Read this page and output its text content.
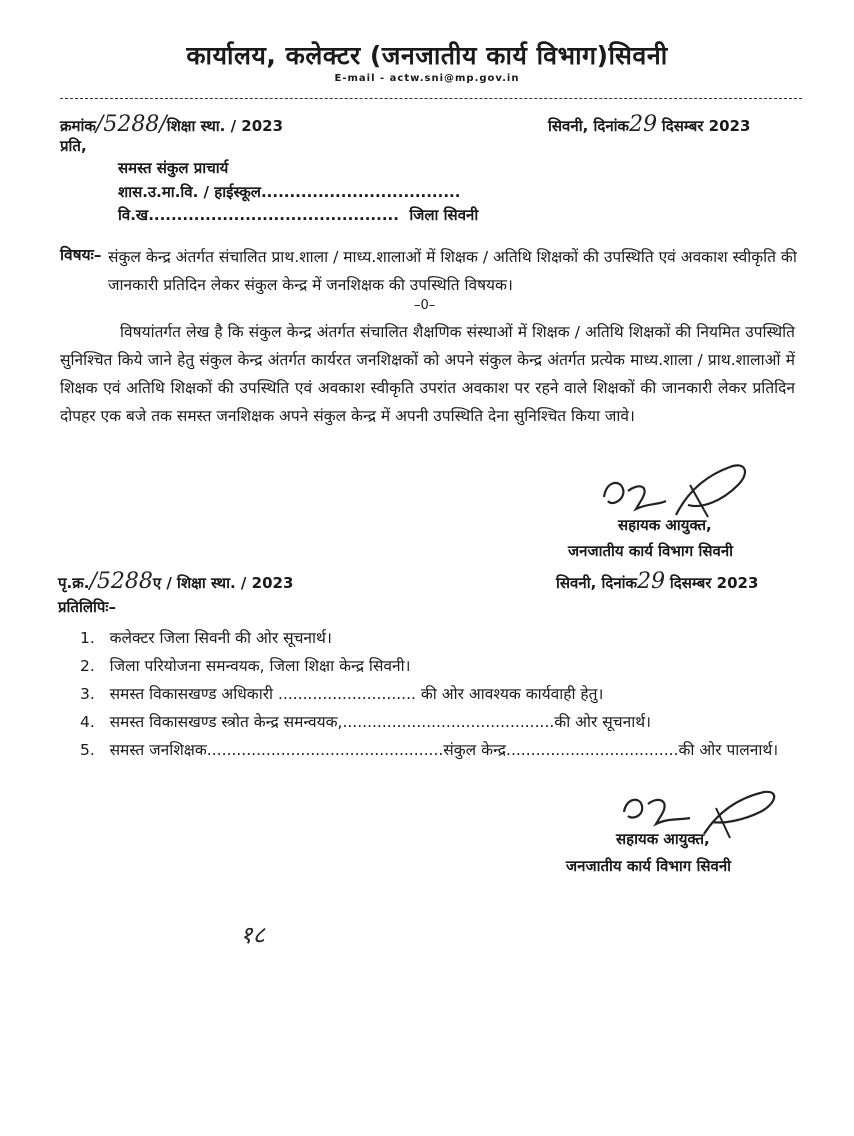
कार्यालय, कलेक्टर (जनजातीय कार्य विभाग)सिवनी
E-mail - actw.sni@mp.gov.in
क्रमांक/5288/शिक्षा स्था. / 2023	सिवनी, दिनांक29 दिसम्बर 2023
प्रति,
समस्त संकुल प्राचार्य
शास.उ.मा.वि. / हाईस्कूल...................................
वि.ख............................................ जिला सिवनी
विषयः– संकुल केन्द्र अंतर्गत संचालित प्राथ.शाला / माध्य.शालाओं में शिक्षक / अतिथि शिक्षकों की उपस्थिति एवं अवकाश स्वीकृति की जानकारी प्रतिदिन लेकर संकुल केन्द्र में जनशिक्षक की उपस्थिति विषयक।
–0–
विषयांतर्गत लेख है कि संकुल केन्द्र अंतर्गत संचालित शैक्षणिक संस्थाओं में शिक्षक / अतिथि शिक्षकों की नियमित उपस्थिति सुनिश्चित किये जाने हेतु संकुल केन्द्र अंतर्गत कार्यरत जनशिक्षकों को अपने संकुल केन्द्र अंतर्गत प्रत्येक माध्य.शाला / प्राथ.शालाओं में शिक्षक एवं अतिथि शिक्षकों की उपस्थिति एवं अवकाश स्वीकृति उपरांत अवकाश पर रहने वाले शिक्षकों की जानकारी लेकर प्रतिदिन दोपहर एक बजे तक समस्त जनशिक्षक अपने संकुल केन्द्र में अपनी उपस्थिति देना सुनिश्चित किया जावे।
सहायक आयुक्त,
जनजातीय कार्य विभाग सिवनी
पृ.क्र./5288ए / शिक्षा स्था. / 2023	सिवनी, दिनांक29 दिसम्बर 2023
प्रतिलिपिः–
1. कलेक्टर जिला सिवनी की ओर सूचनार्थ।
2. जिला परियोजना समन्वयक, जिला शिक्षा केन्द्र सिवनी।
3. समस्त विकासखण्ड अधिकारी ............................ की ओर आवश्यक कार्यवाही हेतु।
4. समस्त विकासखण्ड स्त्रोत केन्द्र समन्वयक,...........................................की ओर सूचनार्थ।
5. समस्त जनशिक्षक................................................संकुल केन्द्र...................................की ओर पालनार्थ।
सहायक आयुक्त,
जनजातीय कार्य विभाग सिवनी
१८
